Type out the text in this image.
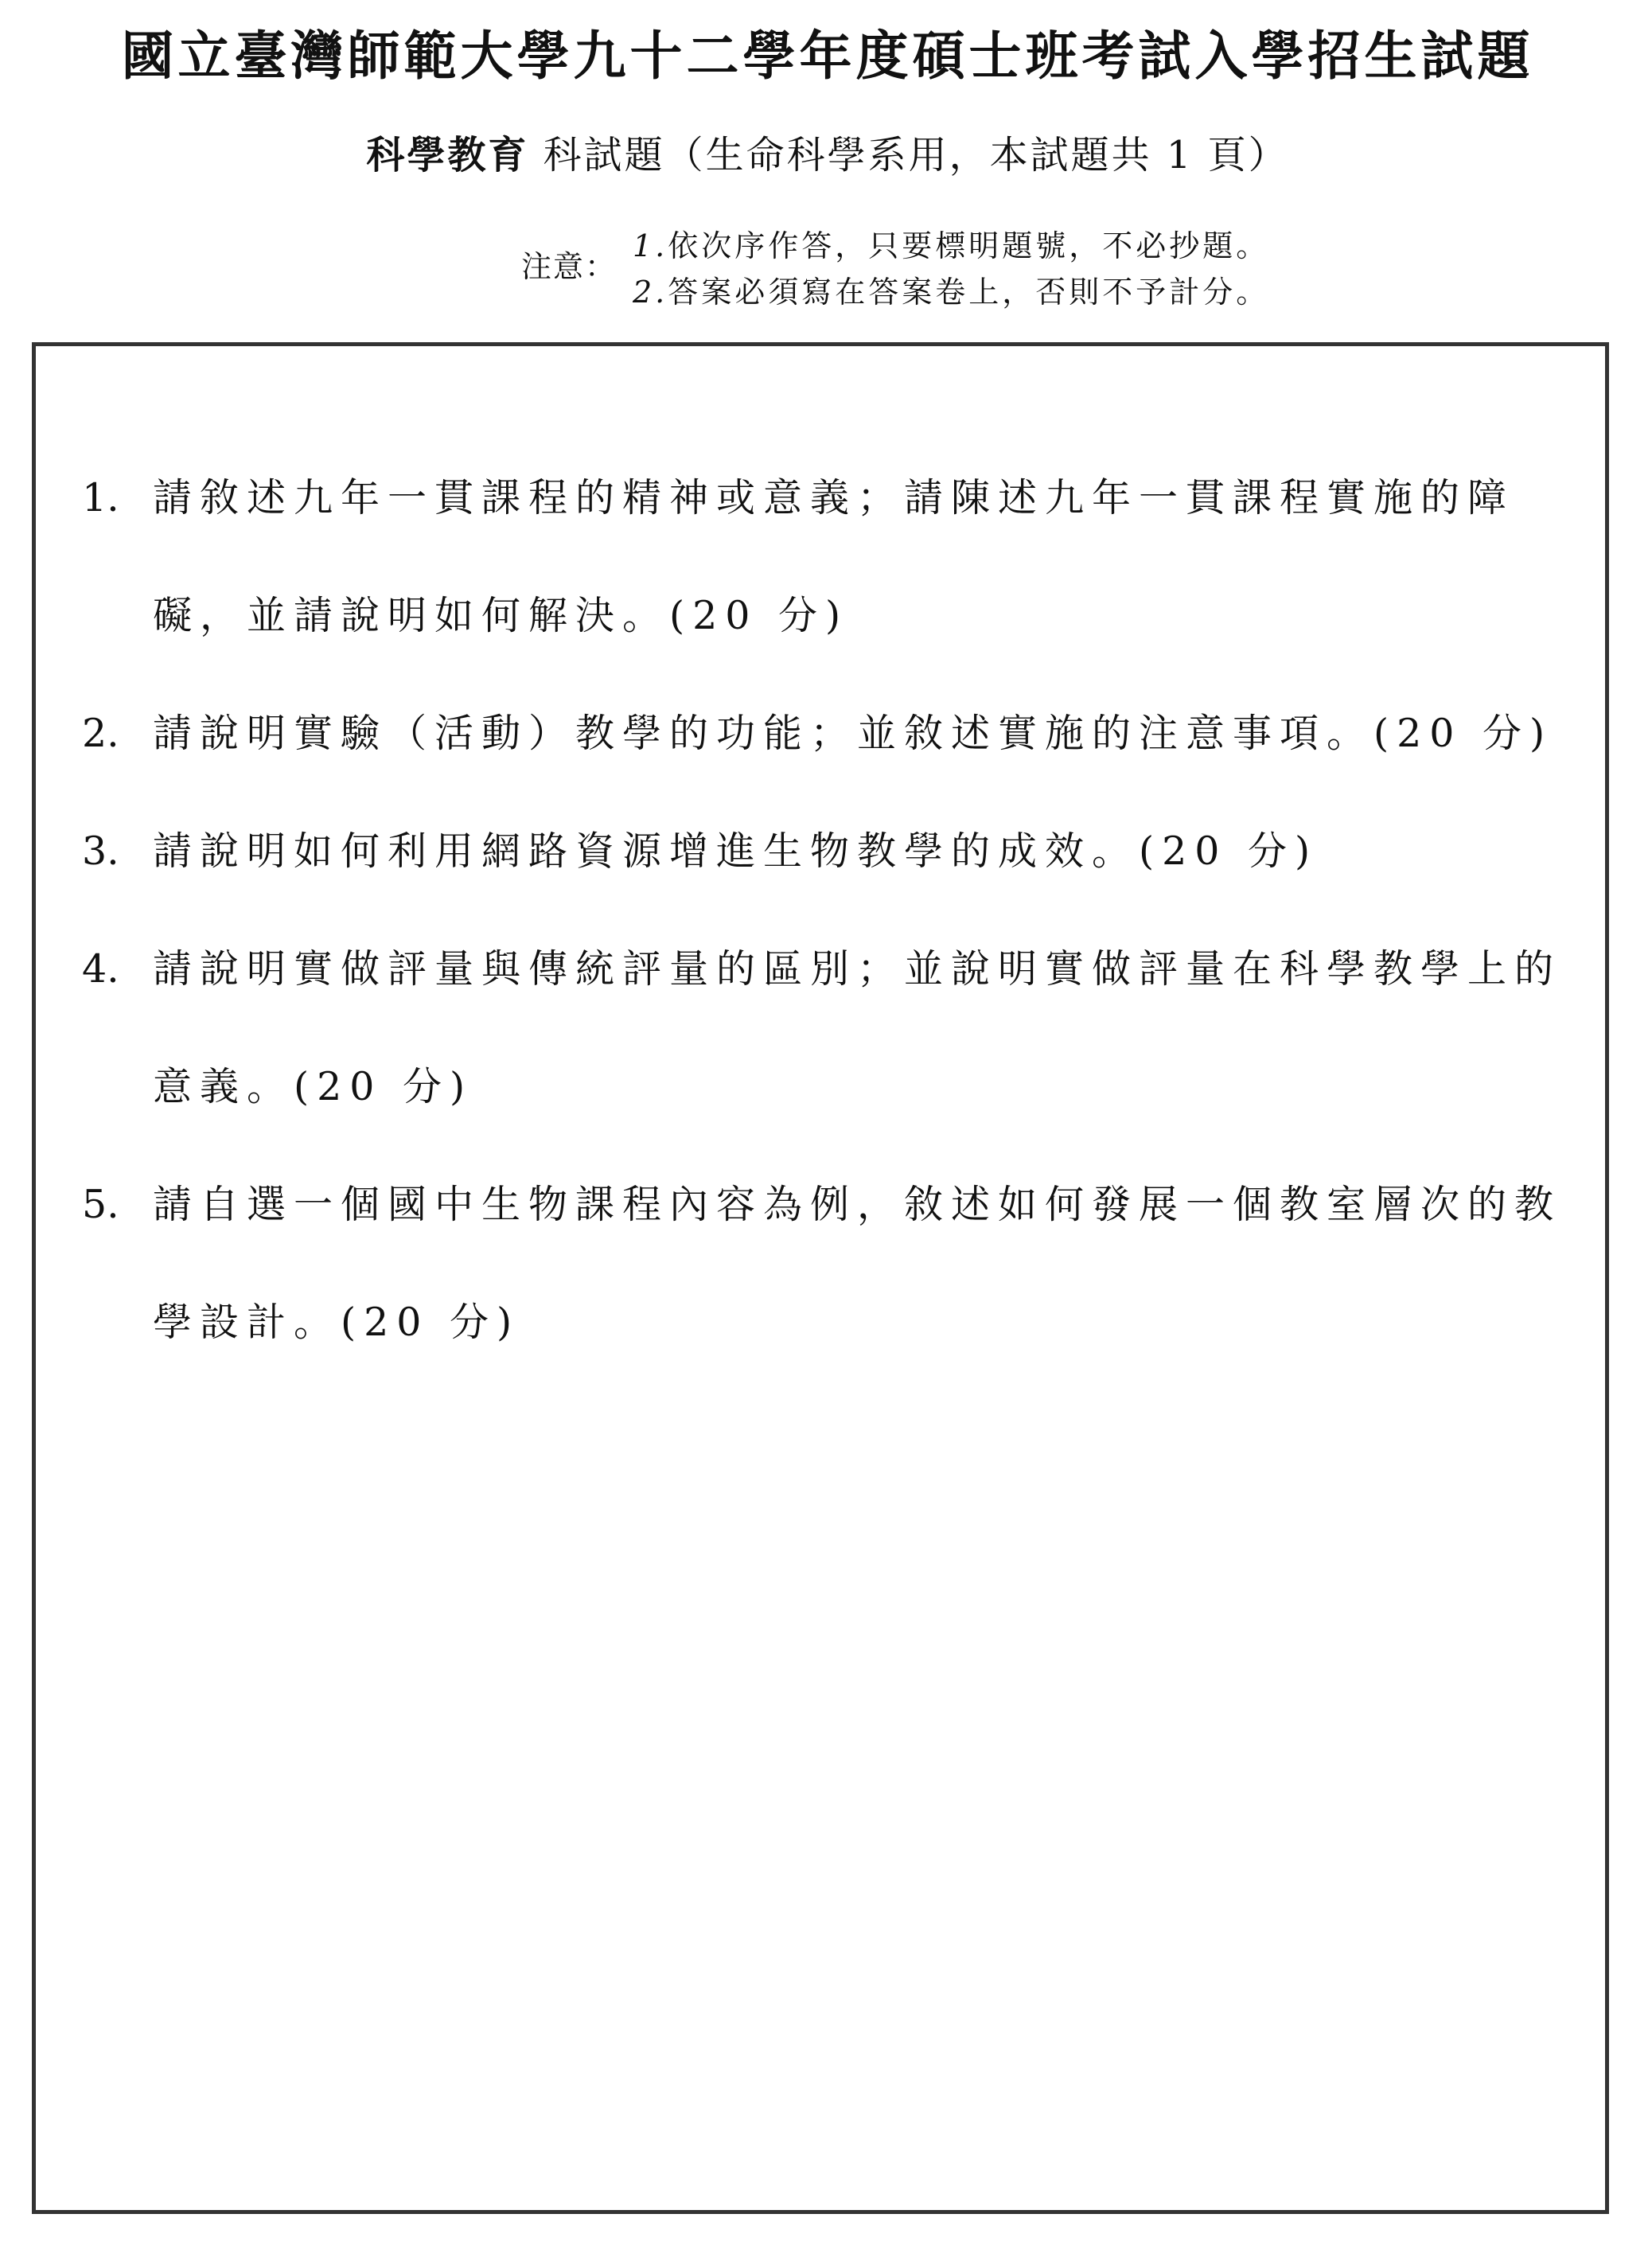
國立臺灣師範大學九十二學年度碩士班考試入學招生試題
科學教育 科試題（生命科學系用，本試題共 1 頁）
注意：
1.依次序作答，只要標明題號，不必抄題。
2.答案必須寫在答案卷上，否則不予計分。
1. 請敘述九年一貫課程的精神或意義；請陳述九年一貫課程實施的障礙，並請說明如何解決。(20 分)
2. 請說明實驗（活動）教學的功能；並敘述實施的注意事項。(20 分)
3. 請說明如何利用網路資源增進生物教學的成效。(20 分)
4. 請說明實做評量與傳統評量的區別；並說明實做評量在科學教學上的意義。(20 分)
5. 請自選一個國中生物課程內容為例，敘述如何發展一個教室層次的教學設計。(20 分)
